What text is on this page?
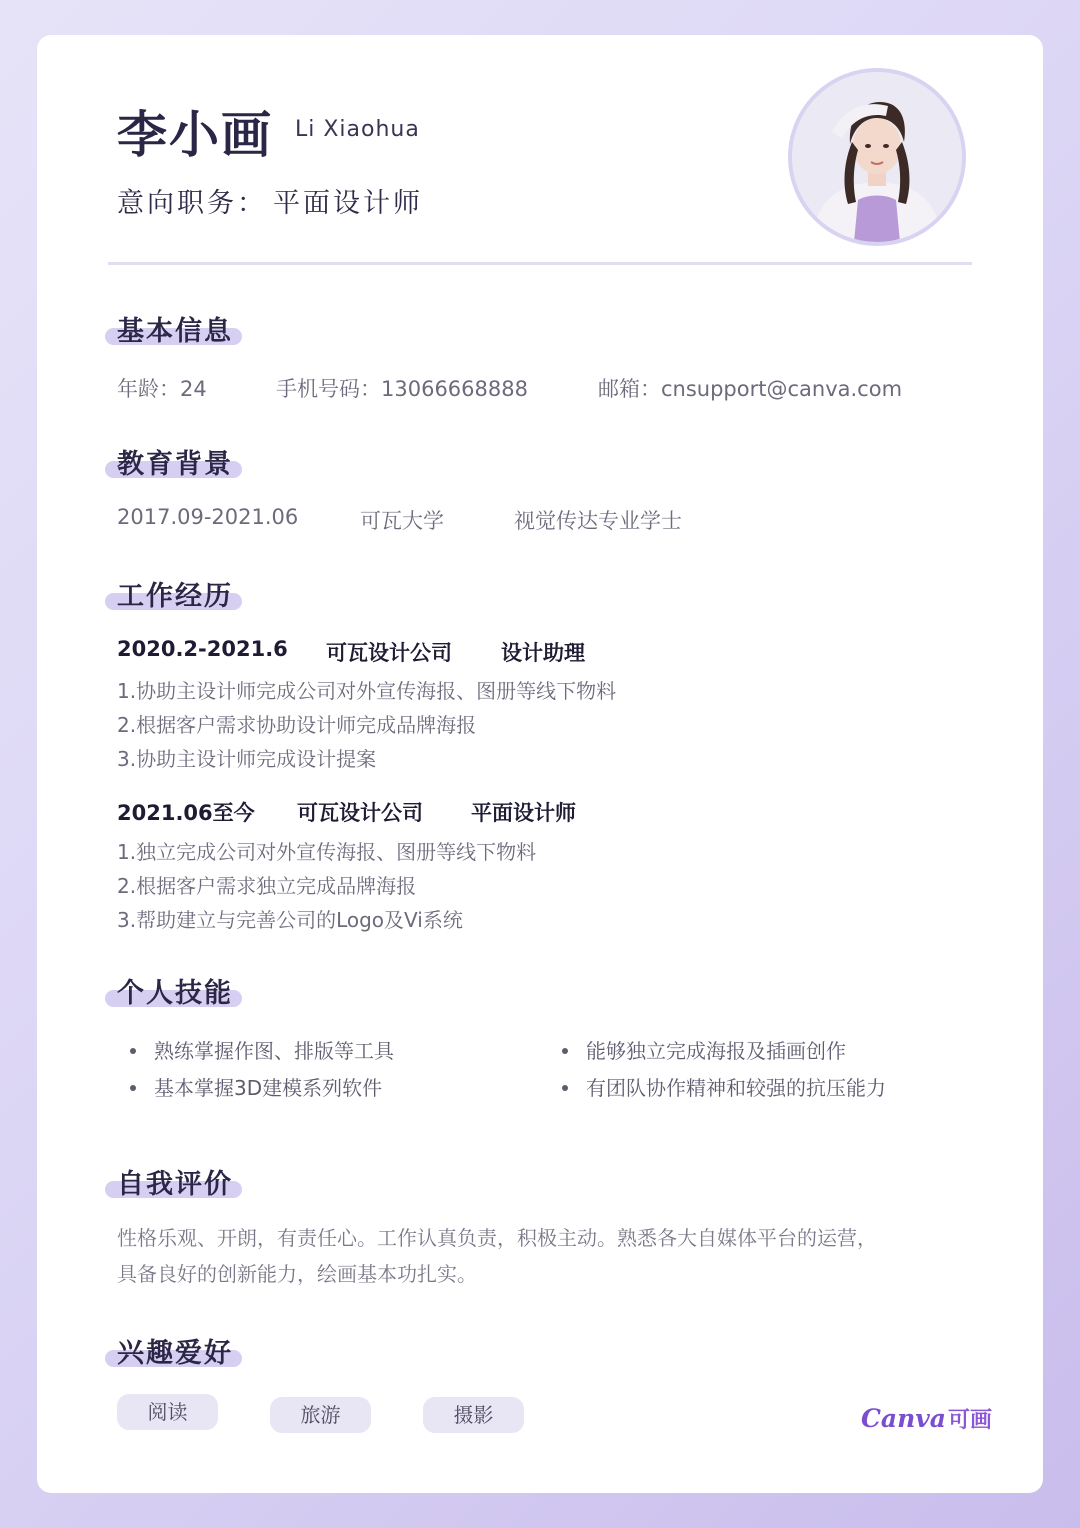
李小画 Li Xiaohua
意向职务： 平面设计师
基本信息
年龄：24	手机号码：13066668888	邮箱：cnsupport@canva.com
教育背景
2017.09-2021.06	可瓦大学	视觉传达专业学士
工作经历
2020.2-2021.6 可瓦设计公司 设计助理
1.协助主设计师完成公司对外宣传海报、图册等线下物料
2.根据客户需求协助设计师完成品牌海报
3.协助主设计师完成设计提案
2021.06至今 可瓦设计公司 平面设计师
1.独立完成公司对外宣传海报、图册等线下物料
2.根据客户需求独立完成品牌海报
3.帮助建立与完善公司的Logo及Vi系统
个人技能
熟练掌握作图、排版等工具	能够独立完成海报及插画创作
基本掌握3D建模系列软件	有团队协作精神和较强的抗压能力
自我评价
性格乐观、开朗，有责任心。工作认真负责，积极主动。熟悉各大自媒体平台的运营，
具备良好的创新能力，绘画基本功扎实。
兴趣爱好
阅读	旅游	摄影	Canva可画
